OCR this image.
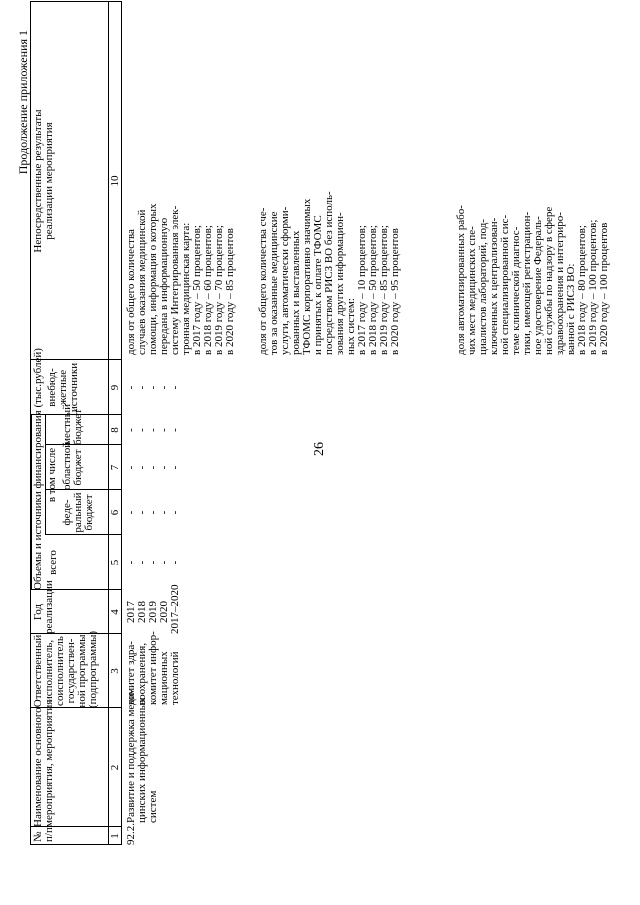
26
Продолжение приложения 1
№ п/п
Наименование основного мероприятия, мероприятия
Ответственный исполнитель, соисполнитель государствен- ной программы (подпрограммы)
Год реализации
Объемы и источники финансирования (тыс.рублей) всего
в том числе
феде- ральный бюджет
областной бюджет
местный бюджет
внебюд- жетные источники
Непосредственные результаты реализации мероприятия
1
2
3
4
5
6
7
8
9
10
92.2.
Развитие и поддержка меди- цинских информационных систем
комитет здра- воохранения, комитет инфор- мационных технологий
2017 2018 2019 2020 2017–2020
- - - - -
- - - - -
- - - - -
- - - - -
- - - - -
доля от общего количества случаев оказания медицинской помощи, информация о которых передана в информационную систему Интегрированная элек- тронная медицинская карта: в 2017 году – 50 процентов; в 2018 году – 60 процентов; в 2019 году – 70 процентов; в 2020 году – 85 процентов доля от общего количества сче- тов за оказанные медицинские услуги, автоматически сформи- рованных и выставленных ТФОМС корпоративно значимых и принятых к оплате ТФОМС посредством РИСЗ ВО без исполь- зования других информацион- ных систем: в 2017 году – 10 процентов; в 2018 году – 50 процентов; в 2019 году – 85 процентов; в 2020 году – 95 процентов	доля автоматизированных рабо- чих мест медицинских спе- циалистов лабораторий, под- ключенных к централизован- ной специализированной сис- теме клинической диагнос- тики, имеющей регистрацион- ное удостоверение Федераль- ной службы по надзору в сфере здравоохранения и интегриро- ванной с РИСЗ ВО: в 2018 году – 80 процентов; в 2019 году – 100 процентов; в 2020 году – 100 процентов
